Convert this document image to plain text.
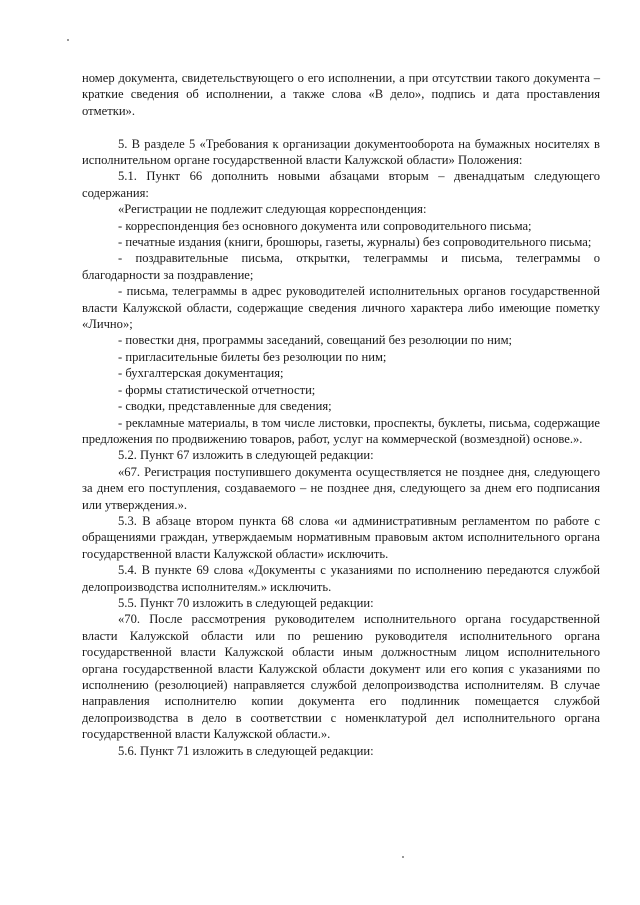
номер документа, свидетельствующего о его исполнении, а при отсутствии такого документа – краткие сведения об исполнении, а также слова «В дело», подпись и дата проставления отметки».

5. В разделе 5 «Требования к организации документооборота на бумажных носителях в исполнительном органе государственной власти Калужской области» Положения:

5.1. Пункт 66 дополнить новыми абзацами вторым – двенадцатым следующего содержания:

«Регистрации не подлежит следующая корреспонденция:

- корреспонденция без основного документа или сопроводительного письма;

- печатные издания (книги, брошюры, газеты, журналы) без сопроводительного письма;

- поздравительные письма, открытки, телеграммы и письма, телеграммы о благодарности за поздравление;

- письма, телеграммы в адрес руководителей исполнительных органов государственной власти Калужской области, содержащие сведения личного характера либо имеющие пометку «Лично»;

- повестки дня, программы заседаний, совещаний без резолюции по ним;

- пригласительные билеты без резолюции по ним;

- бухгалтерская документация;

- формы статистической отчетности;

- сводки, представленные для сведения;

- рекламные материалы, в том числе листовки, проспекты, буклеты, письма, содержащие предложения по продвижению товаров, работ, услуг на коммерческой (возмездной) основе.».

5.2. Пункт 67 изложить в следующей редакции:

«67. Регистрация поступившего документа осуществляется не позднее дня, следующего за днем его поступления, создаваемого – не позднее дня, следующего за днем его подписания или утверждения.».

5.3. В абзаце втором пункта 68 слова «и административным регламентом по работе с обращениями граждан, утверждаемым нормативным правовым актом исполнительного органа государственной власти Калужской области» исключить.

5.4. В пункте 69 слова «Документы с указаниями по исполнению передаются службой делопроизводства исполнителям.» исключить.

5.5. Пункт 70 изложить в следующей редакции:

«70. После рассмотрения руководителем исполнительного органа государственной власти Калужской области или по решению руководителя исполнительного органа государственной власти Калужской области иным должностным лицом исполнительного органа государственной власти Калужской области документ или его копия с указаниями по исполнению (резолюцией) направляется службой делопроизводства исполнителям. В случае направления исполнителю копии документа его подлинник помещается службой делопроизводства в дело в соответствии с номенклатурой дел исполнительного органа государственной власти Калужской области.».

5.6. Пункт 71 изложить в следующей редакции:
